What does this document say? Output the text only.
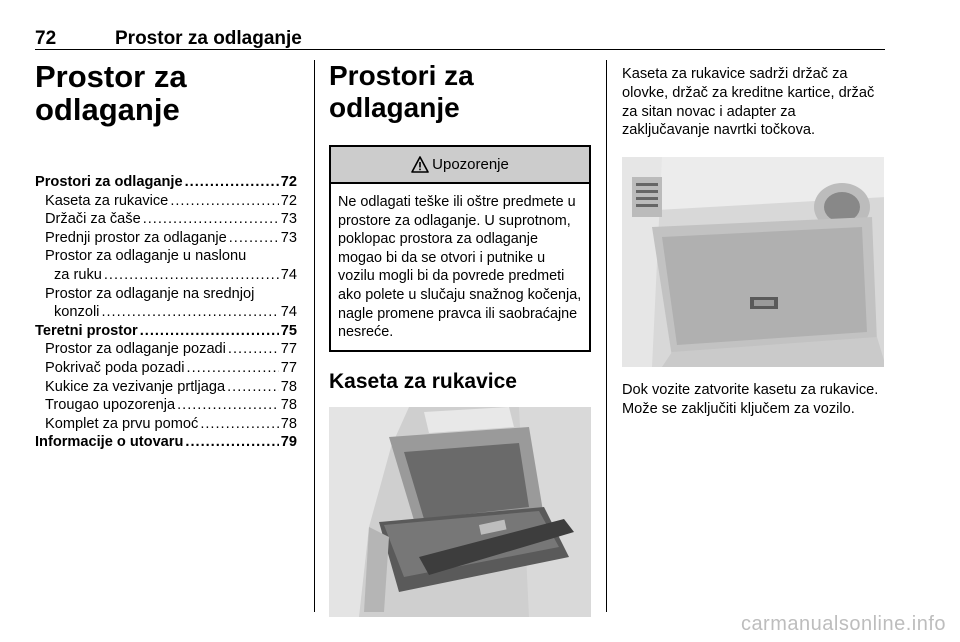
72	Prostor za odlaganje
Prostor za
odlaganje
Prostori za odlaganje .....	72
Kaseta za rukavice .....	72
Držači za čaše .....	73
Prednji prostor za odlaganje .....	73
Prostor za odlaganje u naslonu
za ruku .....	74
Prostor za odlaganje na srednjoj
konzoli .....	74
Teretni prostor .....	75
Prostor za odlaganje pozadi .....	77
Pokrivač poda pozadi .....	77
Kukice za vezivanje prtljaga .....	78
Trougao upozorenja .....	78
Komplet za prvu pomoć .....	78
Informacije o utovaru .....	79
Prostori za odlaganje
Upozorenje
Ne odlagati teške ili oštre predmete u prostore za odlaganje. U suprotnom, poklopac prostora za odlaganje mogao bi da se otvori i putnike u vozilu mogli bi da povrede predmeti ako polete u slučaju snažnog kočenja, nagle promene pravca ili saobraćajne nesreće.
Kaseta za rukavice

Kaseta za rukavice sadrži držač za olovke, držač za kreditne kartice, držač za sitan novac i adapter za zaključavanje navrtki točkova.

Dok vozite zatvorite kasetu za rukavice. Može se zaključiti ključem za vozilo.

carmanualsonline.info
